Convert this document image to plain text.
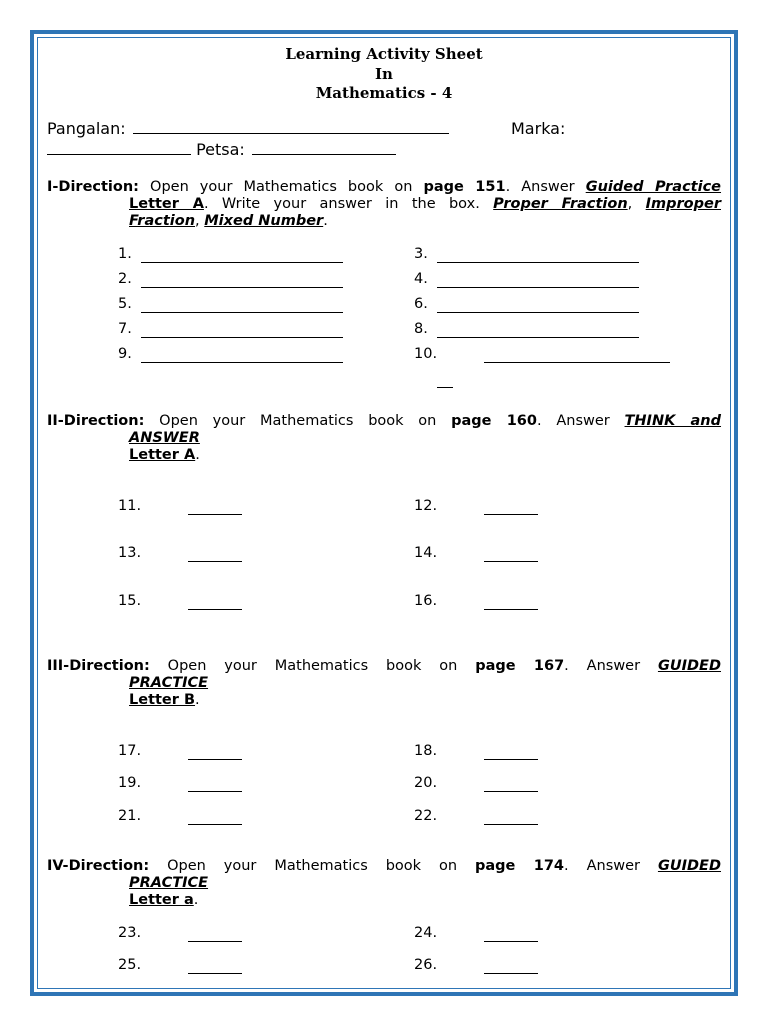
Learning Activity Sheet
In
Mathematics - 4
Pangalan:	Marka:
Petsa:
I-Direction: Open your Mathematics book on page 151. Answer Guided Practice
Letter A. Write your answer in the box. Proper Fraction, Improper
Fraction, Mixed Number.
1.	3.
2.	4.
5.	6.
7.	8.
9.	10.
II-Direction: Open your Mathematics book on page 160. Answer THINK and
ANSWER
Letter A.
11.	12.
13.	14.
15.	16.
III-Direction: Open your Mathematics book on page 167. Answer GUIDED
PRACTICE
Letter B.
17.	18.
19.	20.
21.	22.
IV-Direction: Open your Mathematics book on page 174. Answer GUIDED
PRACTICE
Letter a.
23.	24.
25.	26.
